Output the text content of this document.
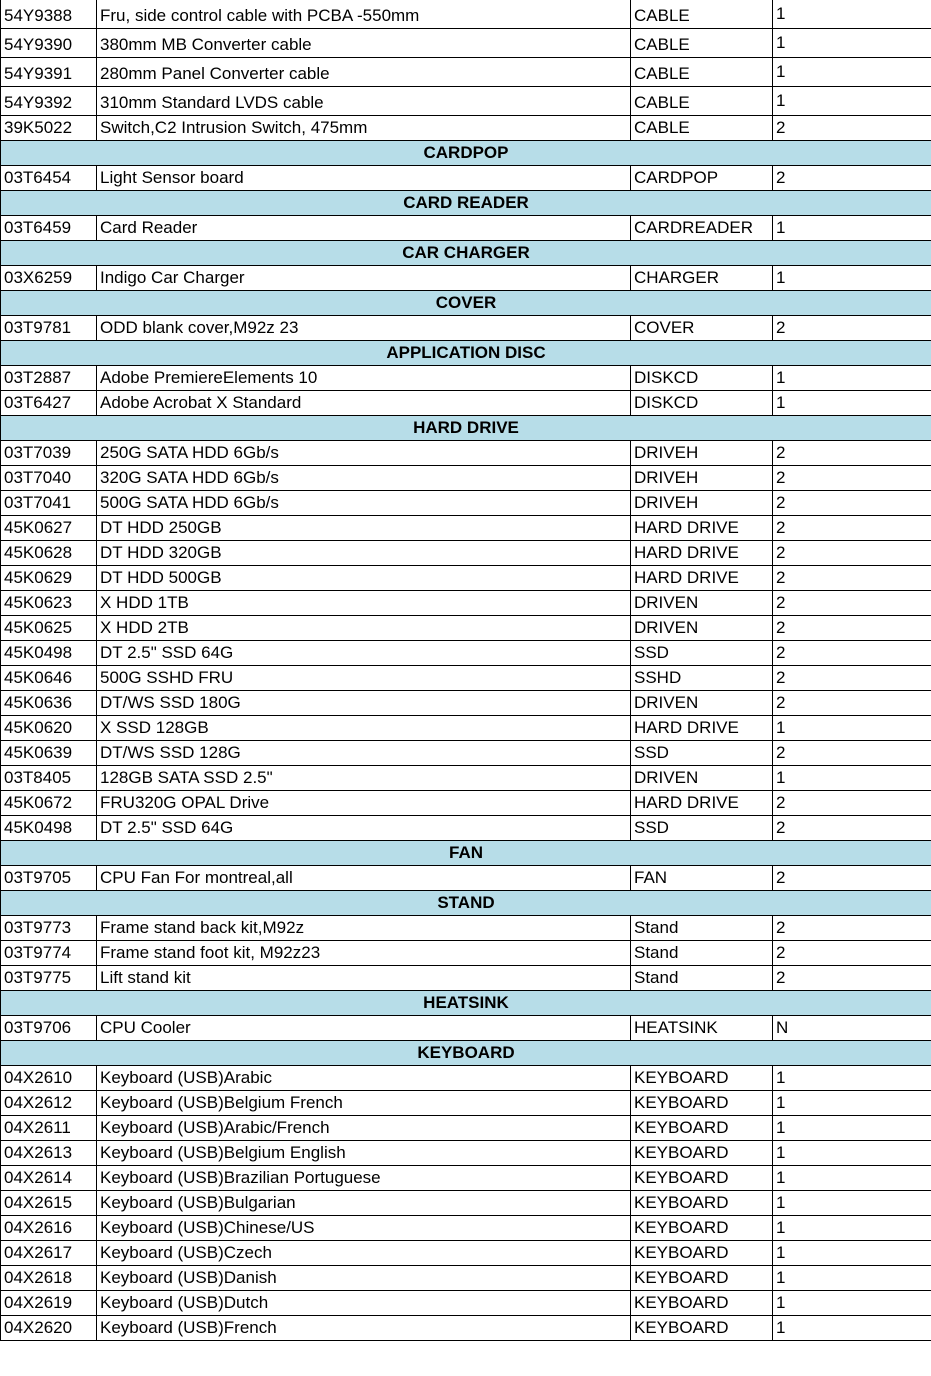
54Y9388	Fru, side control cable with PCBA -550mm	CABLE	1
54Y9390	380mm MB Converter cable	CABLE	1
54Y9391	280mm Panel Converter cable	CABLE	1
54Y9392	310mm Standard LVDS cable	CABLE	1
39K5022	Switch,C2 Intrusion Switch, 475mm	CABLE	2
CARDPOP			
03T6454	Light Sensor board	CARDPOP	2
CARD READER			
03T6459	Card Reader	CARDREADER	1
CAR CHARGER			
03X6259	Indigo Car Charger	CHARGER	1
COVER			
03T9781	ODD blank cover,M92z 23	COVER	2
APPLICATION DISC			
03T2887	Adobe PremiereElements 10	DISKCD	1
03T6427	Adobe Acrobat X Standard	DISKCD	1
HARD DRIVE			
03T7039	250G SATA HDD 6Gb/s	DRIVEH	2
03T7040	320G SATA HDD 6Gb/s	DRIVEH	2
03T7041	500G SATA HDD 6Gb/s	DRIVEH	2
45K0627	DT HDD 250GB	HARD DRIVE	2
45K0628	DT HDD 320GB	HARD DRIVE	2
45K0629	DT HDD 500GB	HARD DRIVE	2
45K0623	X HDD 1TB	DRIVEN	2
45K0625	X HDD 2TB	DRIVEN	2
45K0498	DT 2.5" SSD 64G	SSD	2
45K0646	500G SSHD FRU	SSHD	2
45K0636	DT/WS SSD 180G	DRIVEN	2
45K0620	X SSD 128GB	HARD DRIVE	1
45K0639	DT/WS SSD 128G	SSD	2
03T8405	128GB SATA SSD 2.5"	DRIVEN	1
45K0672	FRU320G OPAL Drive	HARD DRIVE	2
45K0498	DT 2.5" SSD 64G	SSD	2
FAN			
03T9705	CPU Fan For montreal,all	FAN	2
STAND			
03T9773	Frame stand back kit,M92z	Stand	2
03T9774	Frame stand foot kit, M92z23	Stand	2
03T9775	Lift stand kit	Stand	2
HEATSINK			
03T9706	CPU Cooler	HEATSINK	N
KEYBOARD			
04X2610	Keyboard (USB)Arabic	KEYBOARD	1
04X2612	Keyboard (USB)Belgium French	KEYBOARD	1
04X2611	Keyboard (USB)Arabic/French	KEYBOARD	1
04X2613	Keyboard (USB)Belgium English	KEYBOARD	1
04X2614	Keyboard (USB)Brazilian Portuguese	KEYBOARD	1
04X2615	Keyboard (USB)Bulgarian	KEYBOARD	1
04X2616	Keyboard (USB)Chinese/US	KEYBOARD	1
04X2617	Keyboard (USB)Czech	KEYBOARD	1
04X2618	Keyboard (USB)Danish	KEYBOARD	1
04X2619	Keyboard (USB)Dutch	KEYBOARD	1
04X2620	Keyboard (USB)French	KEYBOARD	1
